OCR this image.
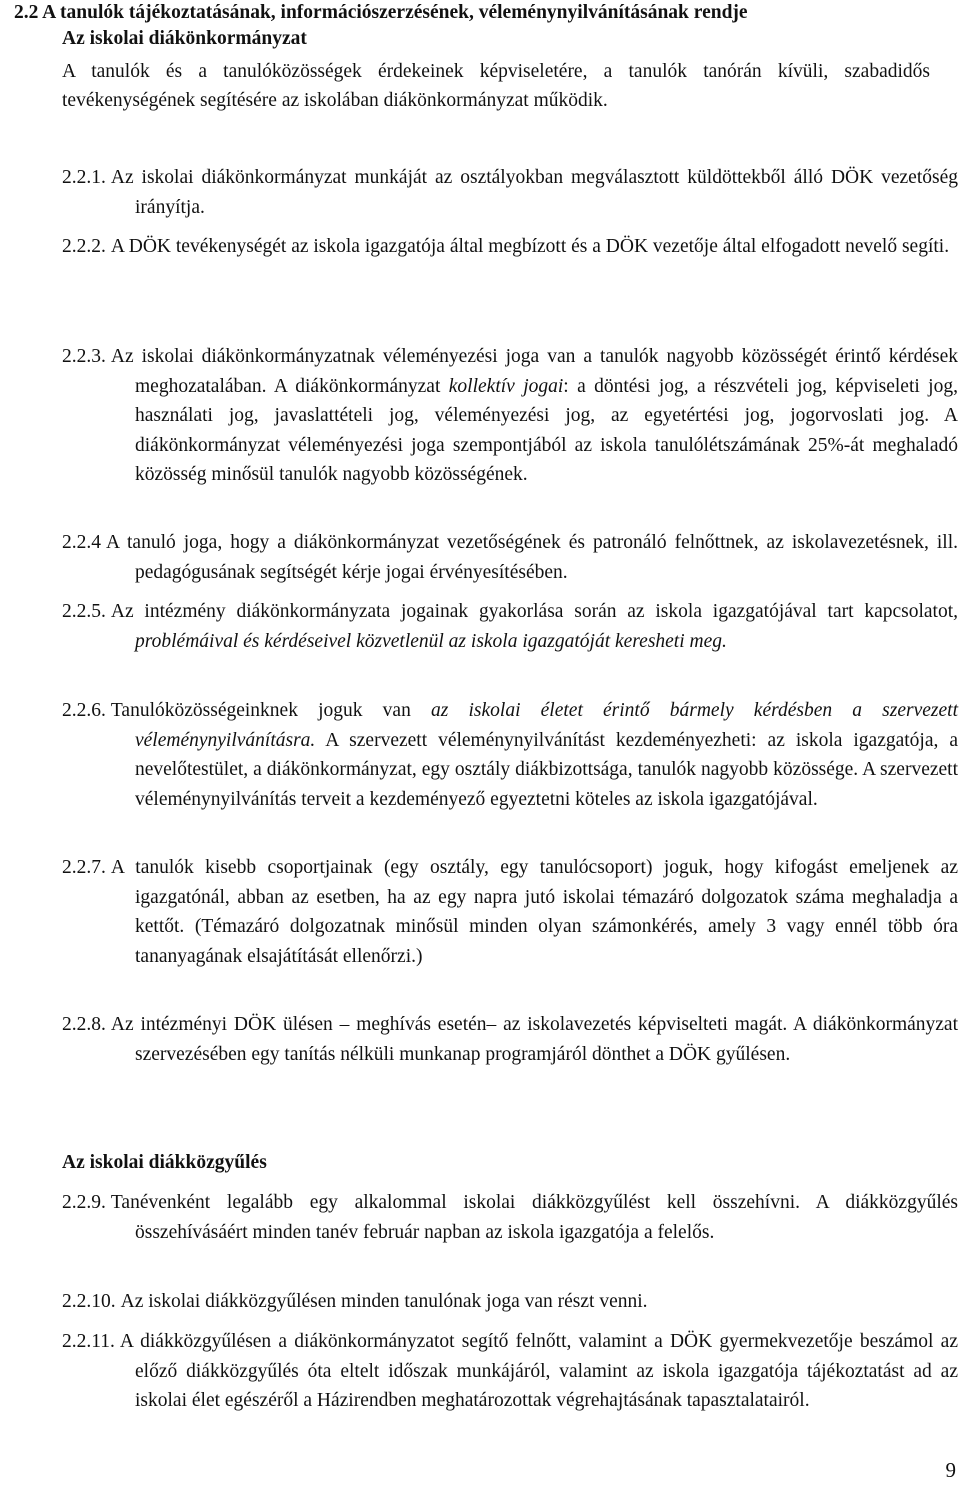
2.2 A tanulók tájékoztatásának, információszerzésének, véleménynyilvánításának rendje
Az iskolai diákönkormányzat
A tanulók és a tanulóközösségek érdekeinek képviseletére, a tanulók tanórán kívüli, szabadidős tevékenységének segítésére az iskolában diákönkormányzat működik.
2.2.1. Az iskolai diákönkormányzat munkáját az osztályokban megválasztott küldöttekből álló DÖK vezetőség irányítja.
2.2.2. A DÖK tevékenységét az iskola igazgatója által megbízott és a DÖK vezetője által elfogadott nevelő segíti.
2.2.3. Az iskolai diákönkormányzatnak véleményezési joga van a tanulók nagyobb közösségét érintő kérdések meghozatalában. A diákönkormányzat kollektív jogai: a döntési jog, a részvételi jog, képviseleti jog, használati jog, javaslattételi jog, véleményezési jog, az egyetértési jog, jogorvoslati jog. A diákönkormányzat véleményezési joga szempontjából az iskola tanulólétszámának 25%-át meghaladó közösség minősül tanulók nagyobb közösségének.
2.2.4 A tanuló joga, hogy a diákönkormányzat vezetőségének és patronáló felnőttnek, az iskolavezetésnek, ill. pedagógusának segítségét kérje jogai érvényesítésében.
2.2.5. Az intézmény diákönkormányzata jogainak gyakorlása során az iskola igazgatójával tart kapcsolatot, problémáival és kérdéseivel közvetlenül az iskola igazgatóját keresheti meg.
2.2.6. Tanulóközösségeinknek joguk van az iskolai életet érintő bármely kérdésben a szervezett véleménynyilvánításra. A szervezett véleménynyilvánítást kezdeményezheti: az iskola igazgatója, a nevelőtestület, a diákönkormányzat, egy osztály diákbizottsága, tanulók nagyobb közössége. A szervezett véleménynyilvánítás terveit a kezdeményező egyeztetni köteles az iskola igazgatójával.
2.2.7. A tanulók kisebb csoportjainak (egy osztály, egy tanulócsoport) joguk, hogy kifogást emeljenek az igazgatónál, abban az esetben, ha az egy napra jutó iskolai témazáró dolgozatok száma meghaladja a kettőt. (Témazáró dolgozatnak minősül minden olyan számonkérés, amely 3 vagy ennél több óra tananyagának elsajátítását ellenőrzi.)
2.2.8. Az intézményi DÖK ülésen – meghívás esetén– az iskolavezetés képviselteti magát. A diákönkormányzat szervezésében egy tanítás nélküli munkanap programjáról dönthet a DÖK gyűlésen.
Az iskolai diákközgyűlés
2.2.9. Tanévenként legalább egy alkalommal iskolai diákközgyűlést kell összehívni. A diákközgyűlés összehívásáért minden tanév február napban az iskola igazgatója a felelős.
2.2.10. Az iskolai diákközgyűlésen minden tanulónak joga van részt venni.
2.2.11. A diákközgyűlésen a diákönkormányzatot segítő felnőtt, valamint a DÖK gyermekvezetője beszámol az előző diákközgyűlés óta eltelt időszak munkájáról, valamint az iskola igazgatója tájékoztatást ad az iskolai élet egészéről a Házirendben meghatározottak végrehajtásának tapasztalatairól.
9
